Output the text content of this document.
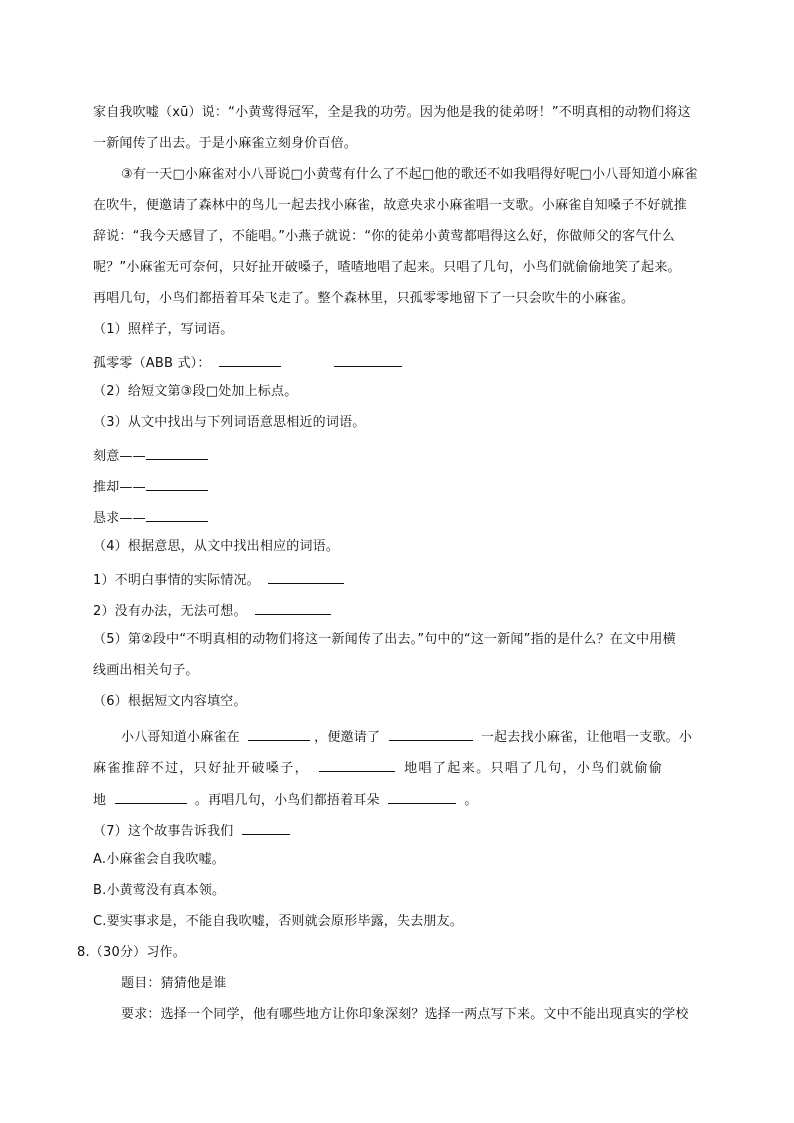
家自我吹嘘（xū）说：“小黄莺得冠军，全是我的功劳。因为他是我的徒弟呀！”不明真相的动物们将这
一新闻传了出去。于是小麻雀立刻身价百倍。
③有一天□小麻雀对小八哥说□小黄莺有什么了不起□他的歌还不如我唱得好呢□小八哥知道小麻雀
在吹牛，便邀请了森林中的鸟儿一起去找小麻雀，故意央求小麻雀唱一支歌。小麻雀自知嗓子不好就推
辞说：“我今天感冒了，不能唱。”小燕子就说：“你的徒弟小黄莺都唱得这么好，你做师父的客气什么
呢？”小麻雀无可奈何，只好扯开破嗓子，喳喳地唱了起来。只唱了几句，小鸟们就偷偷地笑了起来。
再唱几句，小鸟们都捂着耳朵飞走了。整个森林里，只孤零零地留下了一只会吹牛的小麻雀。
（1）照样子，写词语。
孤零零（ABB 式）：
（2）给短文第③段□处加上标点。
（3）从文中找出与下列词语意思相近的词语。
刻意——
推却——
恳求——
（4）根据意思，从文中找出相应的词语。
1）不明白事情的实际情况。
2）没有办法，无法可想。
（5）第②段中“不明真相的动物们将这一新闻传了出去。”句中的“这一新闻”指的是什么？在文中用横
线画出相关句子。
（6）根据短文内容填空。
小八哥知道小麻雀在	，便邀请了	一起去找小麻雀，让他唱一支歌。小
麻雀推辞不过，只好扯开破嗓子，	地唱了起来。只唱了几句，小鸟们就偷偷
地	。再唱几句，小鸟们都捂着耳朵	。
（7）这个故事告诉我们
A.小麻雀会自我吹嘘。
B.小黄莺没有真本领。
C.要实事求是，不能自我吹嘘，否则就会原形毕露，失去朋友。
8.（30分）习作。
题目：猜猜他是谁
要求：选择一个同学，他有哪些地方让你印象深刻？选择一两点写下来。文中不能出现真实的学校
